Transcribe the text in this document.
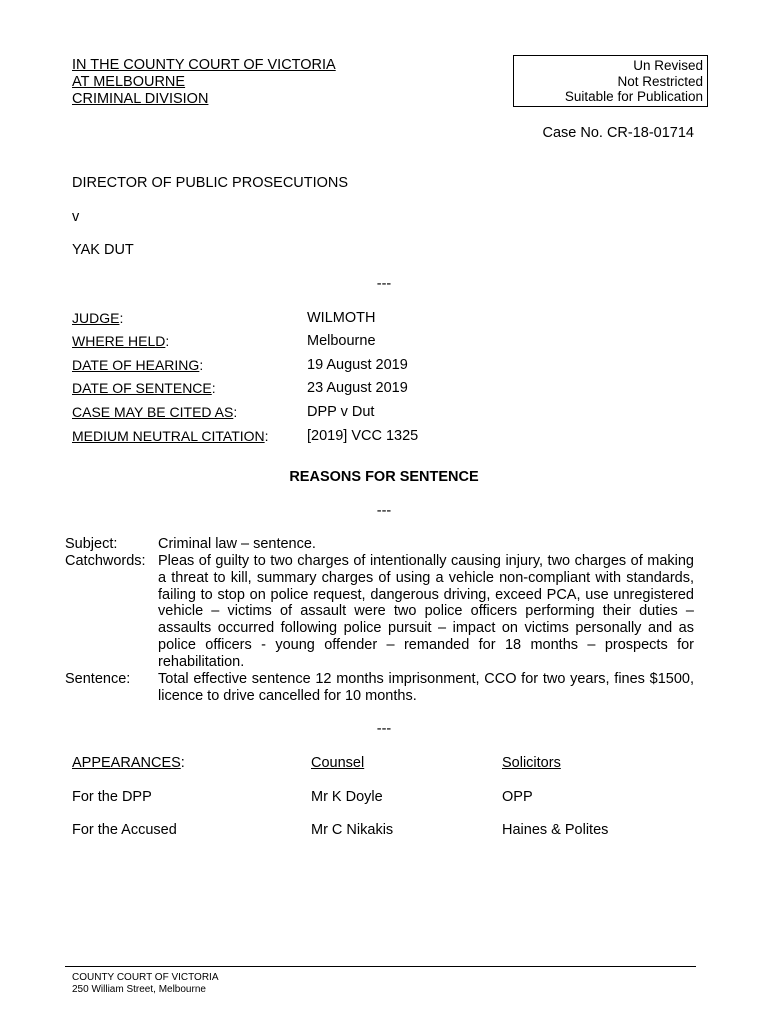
IN THE COUNTY COURT OF VICTORIA
AT MELBOURNE
CRIMINAL DIVISION
Un Revised
Not Restricted
Suitable for Publication
Case No. CR-18-01714
DIRECTOR OF PUBLIC PROSECUTIONS
v
YAK DUT
---
JUDGE:	WILMOTH
WHERE HELD:	Melbourne
DATE OF HEARING:	19 August 2019
DATE OF SENTENCE:	23 August 2019
CASE MAY BE CITED AS:	DPP v Dut
MEDIUM NEUTRAL CITATION:	[2019] VCC 1325
REASONS FOR SENTENCE
---
Subject:	Criminal law – sentence.
Catchwords: Pleas of guilty to two charges of intentionally causing injury, two charges of making a threat to kill, summary charges of using a vehicle non-compliant with standards, failing to stop on police request, dangerous driving, exceed PCA, use unregistered vehicle – victims of assault were two police officers performing their duties – assaults occurred following police pursuit – impact on victims personally and as police officers - young offender – remanded for 18 months – prospects for rehabilitation.
Sentence: Total effective sentence 12 months imprisonment, CCO for two years, fines $1500, licence to drive cancelled for 10 months.
---
APPEARANCES:	Counsel	Solicitors
For the DPP	Mr K Doyle	OPP
For the Accused	Mr C Nikakis	Haines & Polites
COUNTY COURT OF VICTORIA
250 William Street, Melbourne
